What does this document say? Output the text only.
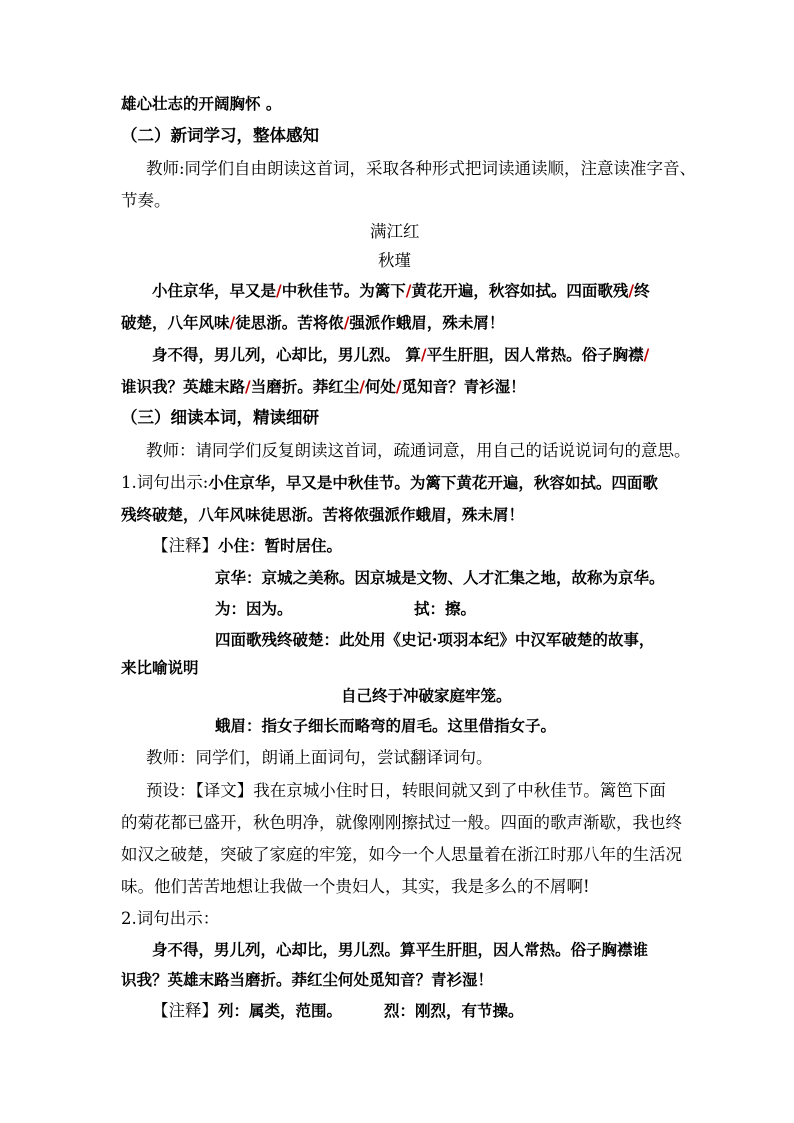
雄心壮志的开阔胸怀 。
（二）新词学习，整体感知
教师:同学们自由朗读这首词，采取各种形式把词读通读顺，注意读准字音、
节奏。
满江红
秋瑾
小住京华，早又是/中秋佳节。为篱下/黄花开遍，秋容如拭。四面歌残/终
破楚，八年风味/徒思浙。苦将侬/强派作蛾眉，殊未屑！
身不得，男儿列，心却比，男儿烈。 算/平生肝胆，因人常热。俗子胸襟/
谁识我？英雄末路/当磨折。莽红尘/何处/觅知音？青衫湿！
（三）细读本词，精读细研
教师：请同学们反复朗读这首词，疏通词意，用自己的话说说词句的意思。
1.词句出示:小住京华，早又是中秋佳节。为篱下黄花开遍，秋容如拭。四面歌
残终破楚，八年风味徒思浙。苦将侬强派作蛾眉，殊未屑！
【注释】小住：暂时居住。
京华：京城之美称。因京城是文物、人才汇集之地，故称为京华。
为：因为。	拭：擦。
四面歌残终破楚：此处用《史记·项羽本纪》中汉军破楚的故事，
来比喻说明
自己终于冲破家庭牢笼。
蛾眉：指女子细长而略弯的眉毛。这里借指女子。
教师：同学们，朗诵上面词句，尝试翻译词句。
预设：【译文】我在京城小住时日，转眼间就又到了中秋佳节。篱笆下面
的菊花都已盛开，秋色明净，就像刚刚擦拭过一般。四面的歌声渐歇，我也终
如汉之破楚，突破了家庭的牢笼，如今一个人思量着在浙江时那八年的生活况
味。他们苦苦地想让我做一个贵妇人，其实，我是多么的不屑啊!
2.词句出示：
身不得，男儿列，心却比，男儿烈。算平生肝胆，因人常热。俗子胸襟谁
识我？英雄末路当磨折。莽红尘何处觅知音？青衫湿！
【注释】列：属类，范围。	烈：刚烈，有节操。
